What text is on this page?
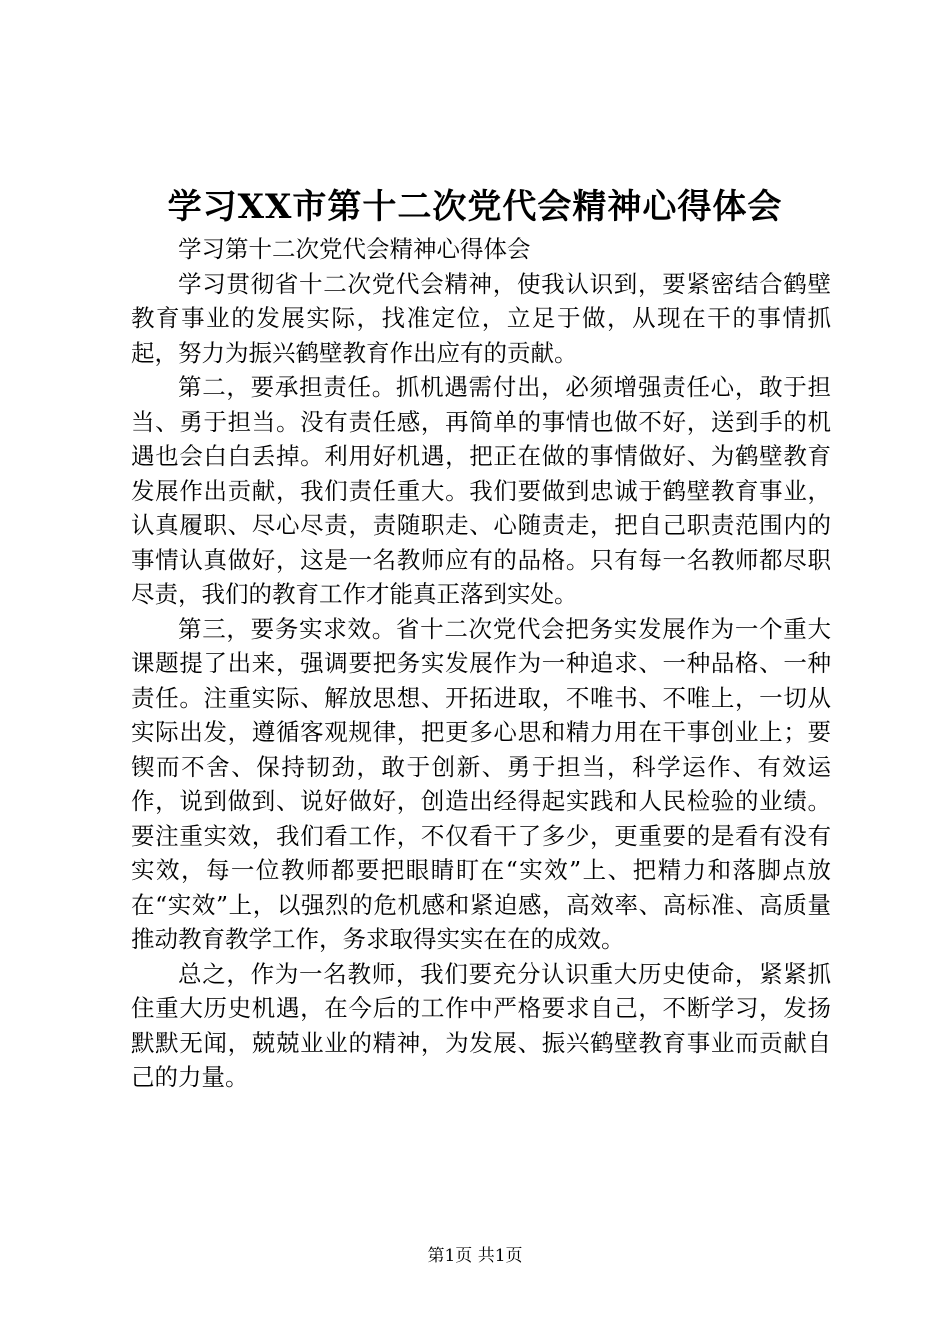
学习XX市第十二次党代会精神心得体会

学习第十二次党代会精神心得体会

学习贯彻省十二次党代会精神，使我认识到，要紧密结合鹤壁教育事业的发展实际，找准定位，立足于做，从现在干的事情抓起，努力为振兴鹤壁教育作出应有的贡献。

第二，要承担责任。抓机遇需付出，必须增强责任心，敢于担当、勇于担当。没有责任感，再简单的事情也做不好，送到手的机遇也会白白丢掉。利用好机遇，把正在做的事情做好、为鹤壁教育发展作出贡献，我们责任重大。我们要做到忠诚于鹤壁教育事业，认真履职、尽心尽责，责随职走、心随责走，把自己职责范围内的事情认真做好，这是一名教师应有的品格。只有每一名教师都尽职尽责，我们的教育工作才能真正落到实处。

第三，要务实求效。省十二次党代会把务实发展作为一个重大课题提了出来，强调要把务实发展作为一种追求、一种品格、一种责任。注重实际、解放思想、开拓进取，不唯书、不唯上，一切从实际出发，遵循客观规律，把更多心思和精力用在干事创业上；要锲而不舍、保持韧劲，敢于创新、勇于担当，科学运作、有效运作，说到做到、说好做好，创造出经得起实践和人民检验的业绩。要注重实效，我们看工作，不仅看干了多少，更重要的是看有没有实效，每一位教师都要把眼睛盯在“实效”上、把精力和落脚点放在“实效”上，以强烈的危机感和紧迫感，高效率、高标准、高质量推动教育教学工作，务求取得实实在在的成效。

总之，作为一名教师，我们要充分认识重大历史使命，紧紧抓住重大历史机遇，在今后的工作中严格要求自己，不断学习，发扬默默无闻，兢兢业业的精神，为发展、振兴鹤壁教育事业而贡献自己的力量。

第1页 共1页
